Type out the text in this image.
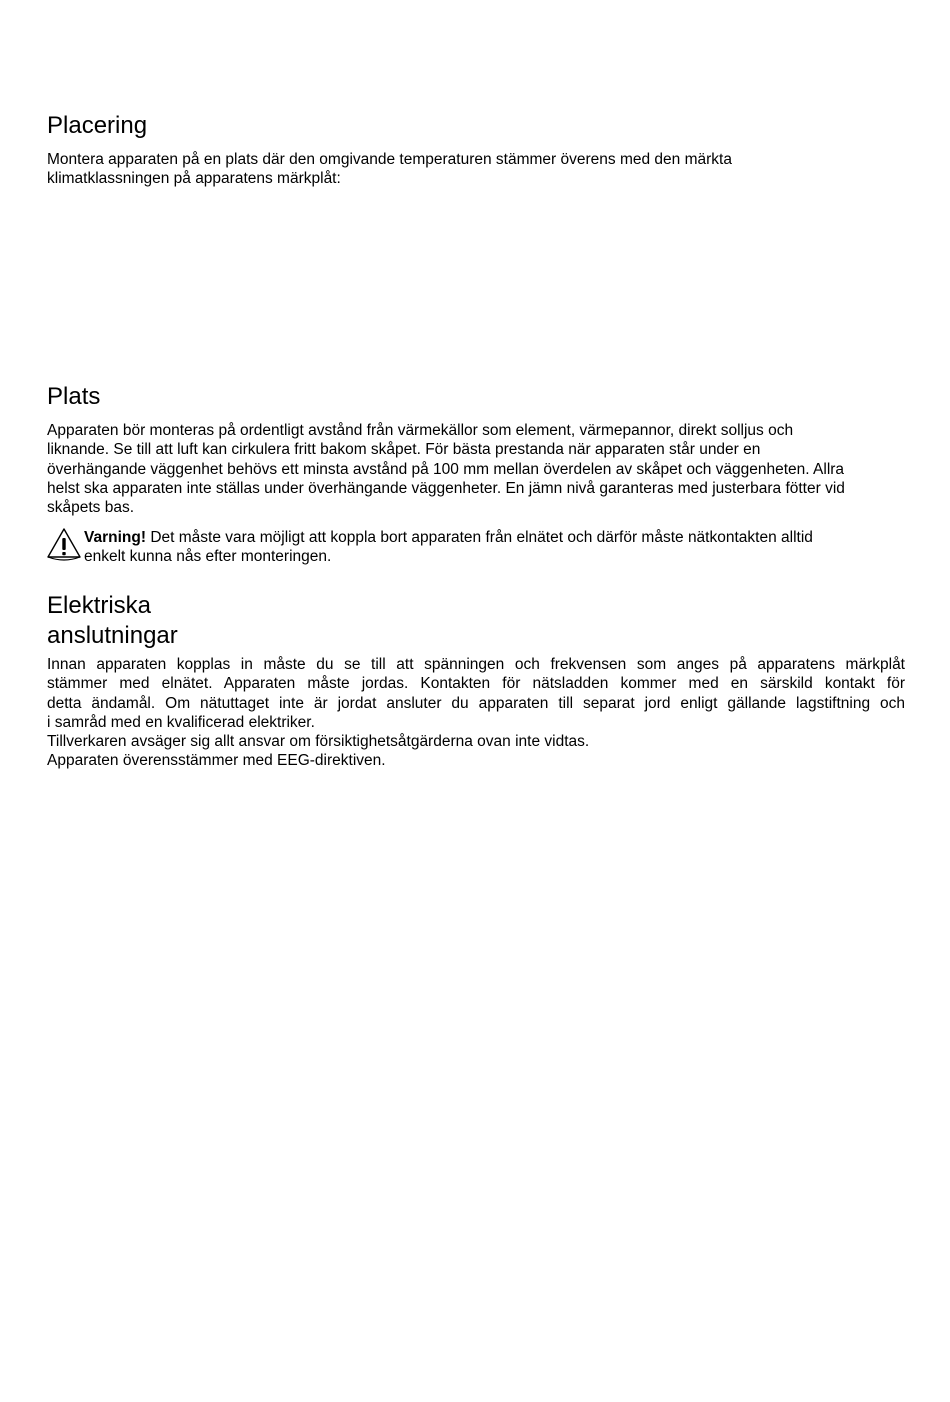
Placering

Montera apparaten på en plats där den omgivande temperaturen stämmer överens med den märkta
klimatklassningen på apparatens märkplåt:

Plats

Apparaten bör monteras på ordentligt avstånd från värmekällor som element, värmepannor, direkt solljus och
liknande. Se till att luft kan cirkulera fritt bakom skåpet. För bästa prestanda när apparaten står under en
överhängande väggenhet behövs ett minsta avstånd på 100 mm mellan överdelen av skåpet och väggenheten. Allra
helst ska apparaten inte ställas under överhängande väggenheter. En jämn nivå garanteras med justerbara fötter vid
skåpets bas.

Varning! Det måste vara möjligt att koppla bort apparaten från elnätet och därför måste nätkontakten alltid
enkelt kunna nås efter monteringen.

Elektriska
anslutningar
Innan apparaten kopplas in måste du se till att spänningen och frekvensen som anges på apparatens märkplåt
stämmer med elnätet. Apparaten måste jordas. Kontakten för nätsladden kommer med en särskild kontakt för
detta ändamål. Om nätuttaget inte är jordat ansluter du apparaten till separat jord enligt gällande lagstiftning och
i samråd med en kvalificerad elektriker.
Tillverkaren avsäger sig allt ansvar om försiktighetsåtgärderna ovan inte vidtas.
Apparaten överensstämmer med EEG-direktiven.
